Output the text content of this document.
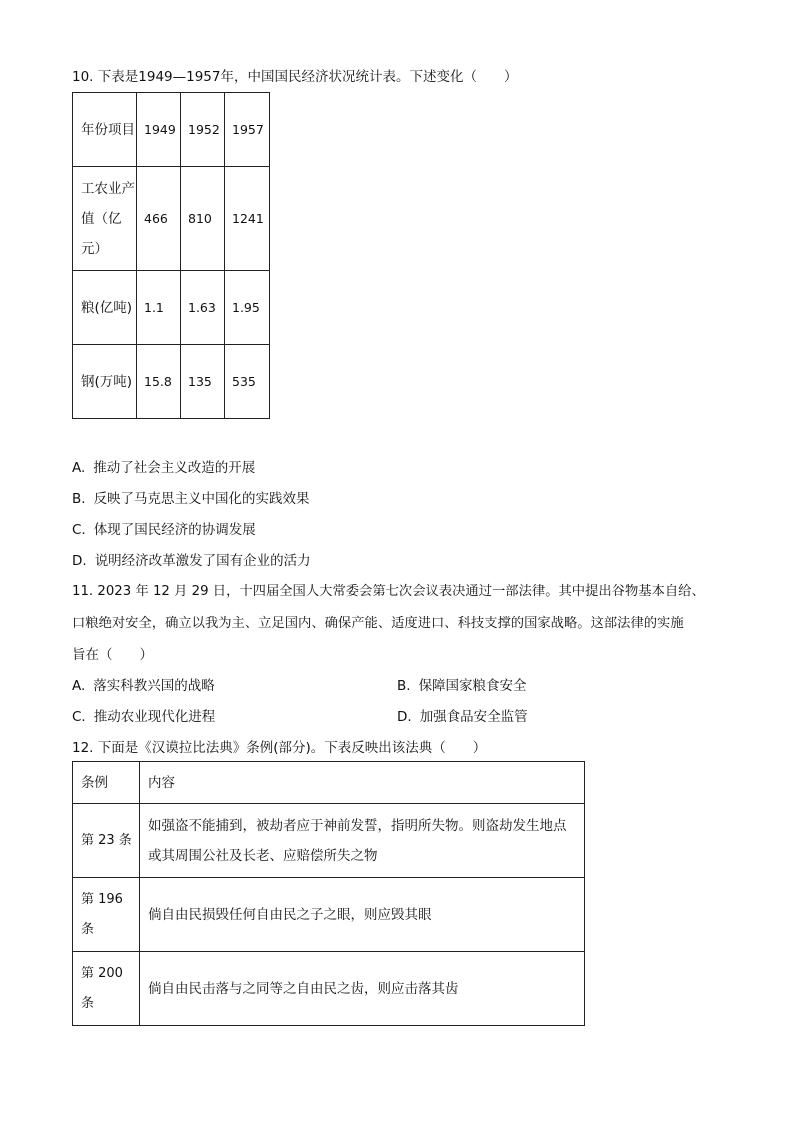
10. 下表是1949—1957年，中国国民经济状况统计表。下述变化（　　）
年份项目	1949	1952	1957
工农业产值（亿元）	466	810	1241
粮(亿吨)	1.1	1.63	1.95
钢(万吨)	15.8	135	535
A. 推动了社会主义改造的开展
B. 反映了马克思主义中国化的实践效果
C. 体现了国民经济的协调发展
D. 说明经济改革激发了国有企业的活力
11. 2023 年 12 月 29 日，十四届全国人大常委会第七次会议表决通过一部法律。其中提出谷物基本自给、
口粮绝对安全，确立以我为主、立足国内、确保产能、适度进口、科技支撑的国家战略。这部法律的实施
旨在（　　）
A. 落实科教兴国的战略	B. 保障国家粮食安全
C. 推动农业现代化进程	D. 加强食品安全监管
12. 下面是《汉谟拉比法典》条例(部分)。下表反映出该法典（　　）
条例	内容
第 23 条	如强盗不能捕到，被劫者应于神前发誓，指明所失物。则盗劫发生地点或其周围公社及长老、应赔偿所失之物
第 196 条	倘自由民损毁任何自由民之子之眼，则应毁其眼
第 200 条	倘自由民击落与之同等之自由民之齿，则应击落其齿
